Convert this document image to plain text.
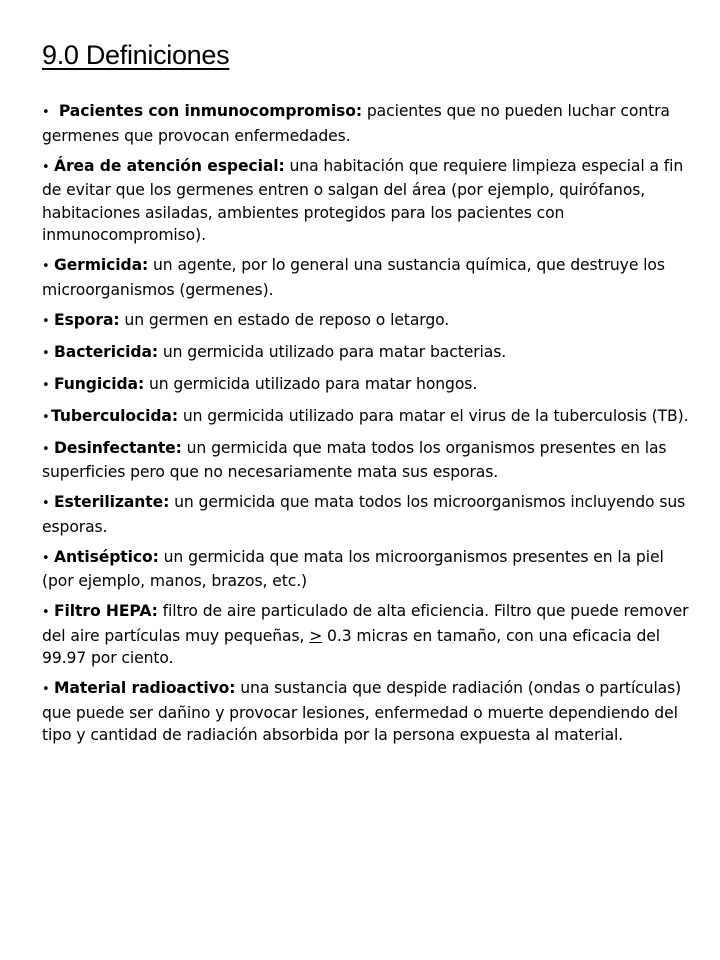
9.0 Definiciones
• Pacientes con inmunocompromiso: pacientes que no pueden luchar contra germenes que provocan enfermedades.
• Área de atención especial: una habitación que requiere limpieza especial a fin de evitar que los germenes entren o salgan del área (por ejemplo, quirófanos, habitaciones asiladas, ambientes protegidos para los pacientes con inmunocompromiso).
• Germicida: un agente, por lo general una sustancia química, que destruye los microorganismos (germenes).
• Espora: un germen en estado de reposo o letargo.
• Bactericida: un germicida utilizado para matar bacterias.
• Fungicida: un germicida utilizado para matar hongos.
•Tuberculocida: un germicida utilizado para matar el virus de la tuberculosis (TB).
• Desinfectante: un germicida que mata todos los organismos presentes en las superficies pero que no necesariamente mata sus esporas.
• Esterilizante: un germicida que mata todos los microorganismos incluyendo sus esporas.
• Antiséptico: un germicida que mata los microorganismos presentes en la piel (por ejemplo, manos, brazos, etc.)
• Filtro HEPA: filtro de aire particulado de alta eficiencia. Filtro que puede remover del aire partículas muy pequeñas, > 0.3 micras en tamaño, con una eficacia del 99.97 por ciento.
• Material radioactivo: una sustancia que despide radiación (ondas o partículas) que puede ser dañino y provocar lesiones, enfermedad o muerte dependiendo del tipo y cantidad de radiación absorbida por la persona expuesta al material.
